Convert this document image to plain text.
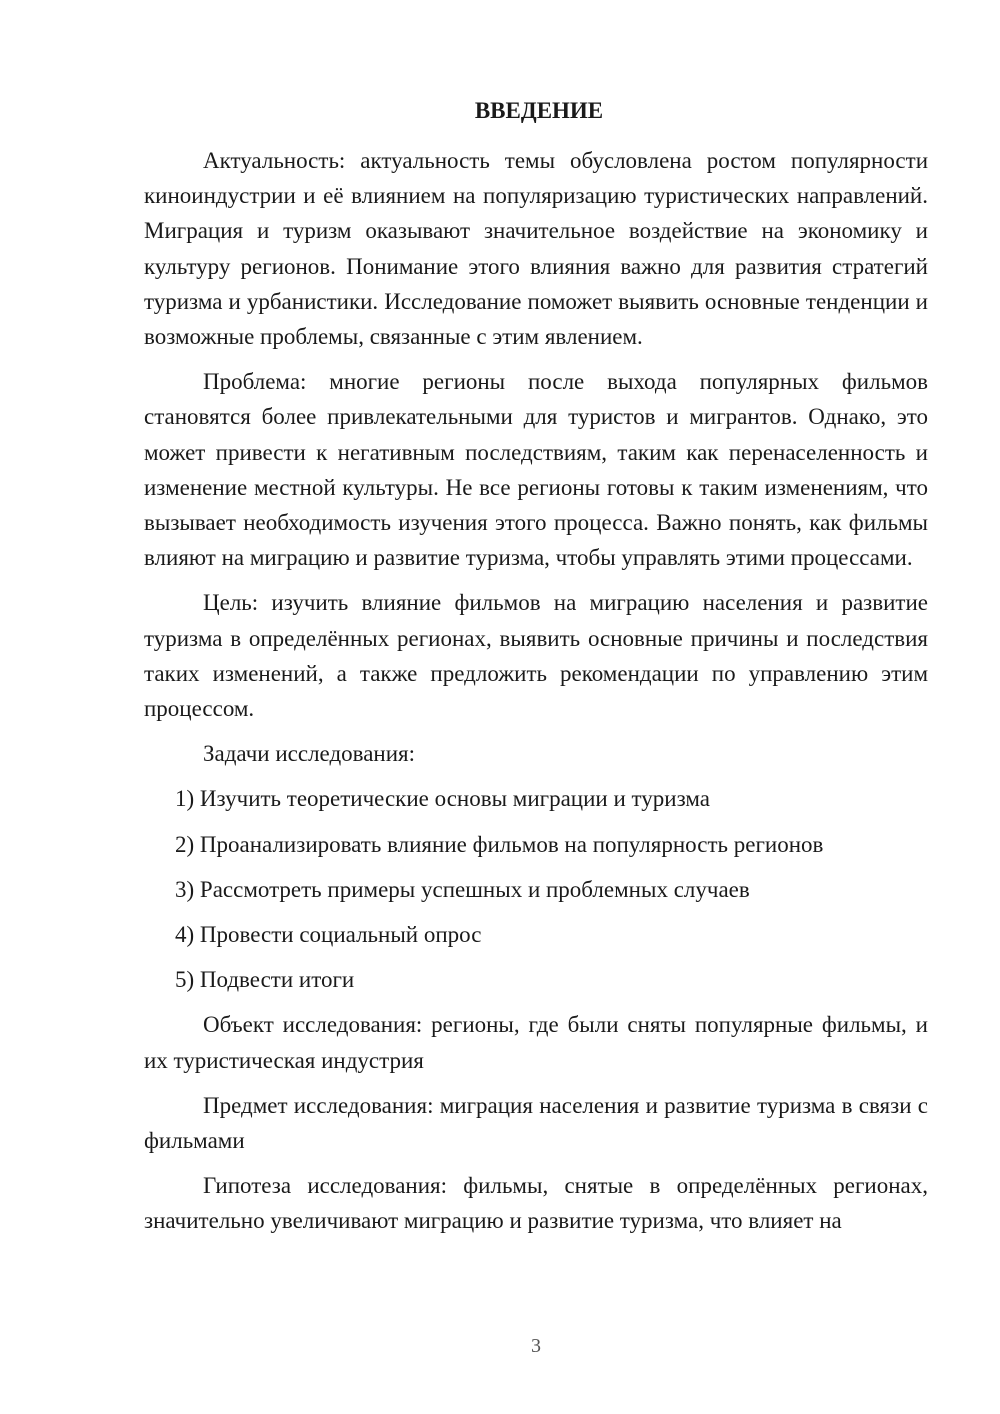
ВВЕДЕНИЕ

Актуальность: актуальность темы обусловлена ростом популярности киноиндустрии и её влиянием на популяризацию туристических направлений. Миграция и туризм оказывают значительное воздействие на экономику и культуру регионов. Понимание этого влияния важно для развития стратегий туризма и урбанистики. Исследование поможет выявить основные тенденции и возможные проблемы, связанные с этим явлением.

Проблема: многие регионы после выхода популярных фильмов становятся более привлекательными для туристов и мигрантов. Однако, это может привести к негативным последствиям, таким как перенаселенность и изменение местной культуры. Не все регионы готовы к таким изменениям, что вызывает необходимость изучения этого процесса. Важно понять, как фильмы влияют на миграцию и развитие туризма, чтобы управлять этими процессами.

Цель: изучить влияние фильмов на миграцию населения и развитие туризма в определённых регионах, выявить основные причины и последствия таких изменений, а также предложить рекомендации по управлению этим процессом.

Задачи исследования:

1) Изучить теоретические основы миграции и туризма

2) Проанализировать влияние фильмов на популярность регионов

3) Рассмотреть примеры успешных и проблемных случаев

4) Провести социальный опрос

5) Подвести итоги

Объект исследования: регионы, где были сняты популярные фильмы, и их туристическая индустрия

Предмет исследования: миграция населения и развитие туризма в связи с фильмами

Гипотеза исследования: фильмы, снятые в определённых регионах, значительно увеличивают миграцию и развитие туризма, что влияет на

3
